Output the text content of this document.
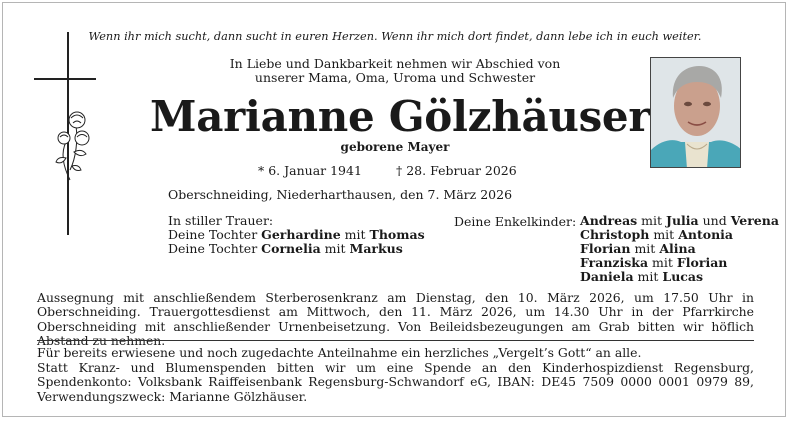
Wenn ihr mich sucht, dann sucht in euren Herzen. Wenn ihr mich dort findet, dann lebe ich in euch weiter.
In Liebe und Dankbarkeit nehmen wir Abschied von
unserer Mama, Oma, Uroma und Schwester
Marianne Gölzhäuser
geborene Mayer
* 6. Januar 1941	† 28. Februar 2026
Oberschneiding, Niederharthausen, den 7. März 2026
In stiller Trauer:
Deine Tochter Gerhardine mit Thomas
Deine Tochter Cornelia mit Markus
Deine Enkelkinder: Andreas mit Julia und Verena
Christoph mit Antonia
Florian mit Alina
Franziska mit Florian
Daniela mit Lucas
Aussegnung mit anschließendem Sterberosenkranz am Dienstag, den 10. März 2026, um 17.50 Uhr in Oberschneiding. Trauergottesdienst am Mittwoch, den 11. März 2026, um 14.30 Uhr in der Pfarrkirche Oberschneiding mit anschließender Urnenbeisetzung. Von Beileidsbezeugungen am Grab bitten wir höflich Abstand zu nehmen.
Für bereits erwiesene und noch zugedachte Anteilnahme ein herzliches „Vergelt’s Gott“ an alle.
Statt Kranz- und Blumenspenden bitten wir um eine Spende an den Kinderhospizdienst Regensburg, Spendenkonto: Volksbank Raiffeisenbank Regensburg-Schwandorf eG, IBAN: DE45 7509 0000 0001 0979 89, Verwendungszweck: Marianne Gölzhäuser.
